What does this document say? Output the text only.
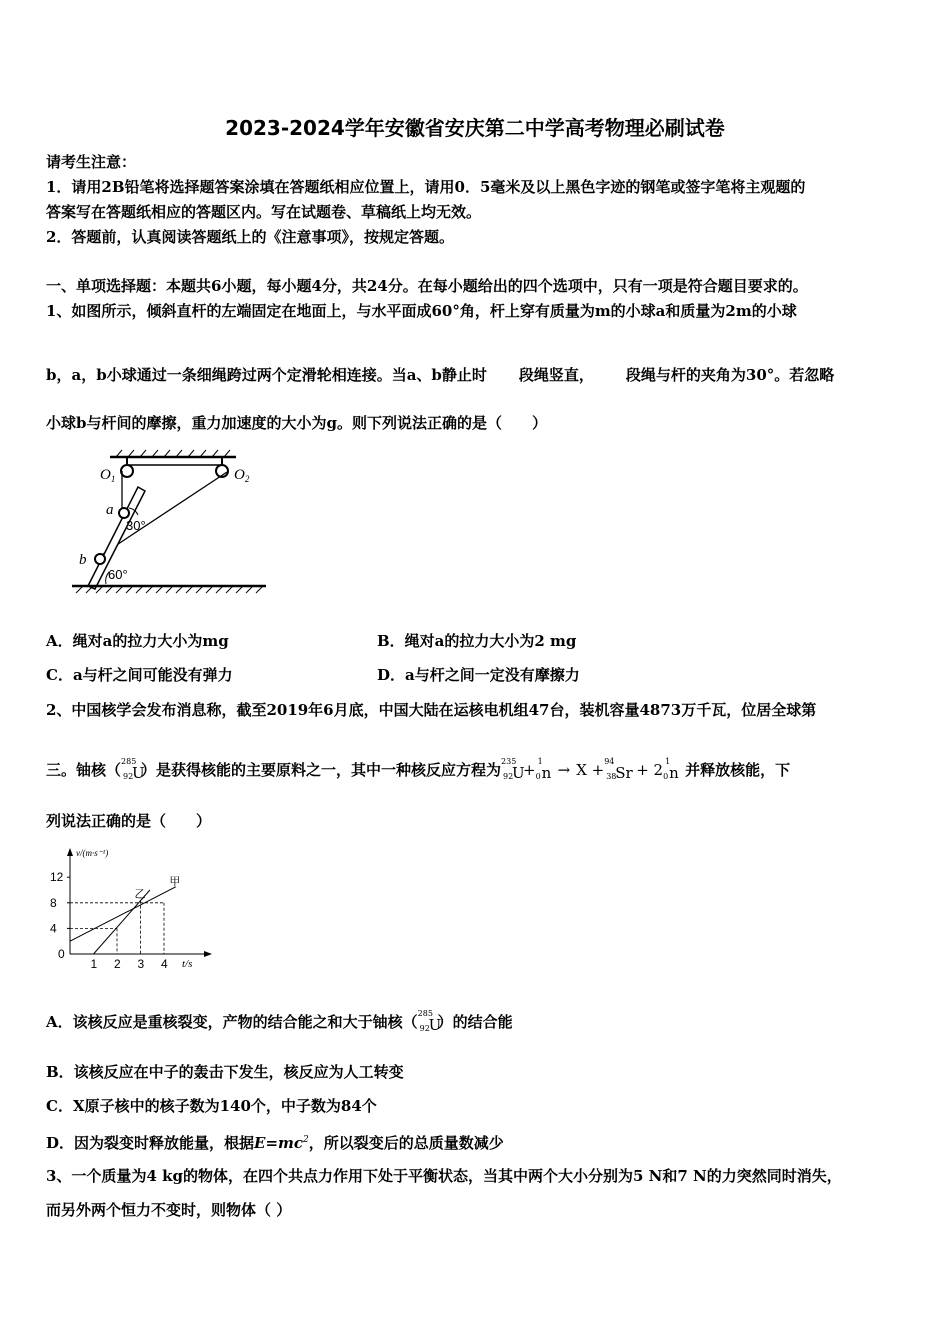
2023-2024学年安徽省安庆第二中学高考物理必刷试卷
请考生注意：
1．请用2B铅笔将选择题答案涂填在答题纸相应位置上，请用0．5毫米及以上黑色字迹的钢笔或签字笔将主观题的
答案写在答题纸相应的答题区内。写在试题卷、草稿纸上均无效。
2．答题前，认真阅读答题纸上的《注意事项》，按规定答题。
一、单项选择题：本题共6小题，每小题4分，共24分。在每小题给出的四个选项中，只有一项是符合题目要求的。
1、如图所示，倾斜直杆的左端固定在地面上，与水平面成60°角，杆上穿有质量为m的小球a和质量为2m的小球
b，a，b小球通过一条细绳跨过两个定滑轮相连接。当a、b静止时 段绳竖直， 段绳与杆的夹角为30°。若忽略
小球b与杆间的摩擦，重力加速度的大小为g。则下列说法正确的是（　　）
$O_1$	$O_2$
a
b
30°
60°
A．绳对a的拉力大小为mg	B．绳对a的拉力大小为2 mg
C．a与杆之间可能没有弹力	D．a与杆之间一定没有摩擦力
2、中国核学会发布消息称，截至2019年6月底，中国大陆在运核电机组47台，装机容量4873万千瓦，位居全球第
三。铀核（ 285
92
U
）是获得核能的主要原料之一，其中一种核反应方程为 235
92
U
+ 1
0 n → X + 94
38
Sr + 2 1
0 n 并释放核能，下
列说法正确的是（　　）
v/(m·s⁻¹)
t/s
0
1 2 3 4
12
8
4
甲
乙
A．该核反应是重核裂变，产物的结合能之和大于铀核（ 285
92
U
）的结合能
B．该核反应在中子的轰击下发生，核反应为人工转变
C．X原子核中的核子数为140个，中子数为84个
D．因为裂变时释放能量，根据$E=mc^2$，所以裂变后的总质量数减少
3、一个质量为4 kg的物体，在四个共点力作用下处于平衡状态，当其中两个大小分别为5 N和7 N的力突然同时消失，
而另外两个恒力不变时，则物体（ ）
